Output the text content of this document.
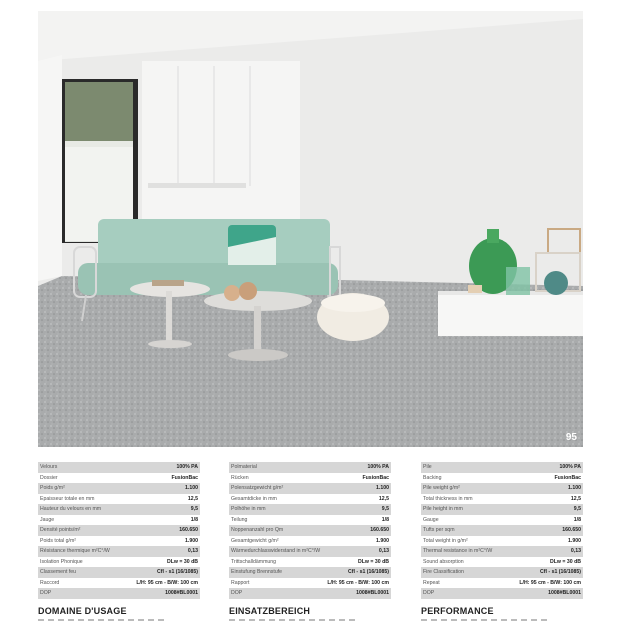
95
Velours	100% PA
Dossier	FusionBac
Poids g/m²	1.100
Epaisseur totale en mm	12,5
Hauteur du velours en mm	9,5
Jauge	1/8
Densité points/m²	160.650
Poids total g/m²	1.900
Résistance thermique m²C°/W	0,13
Isolation Phonique	DLw = 30 dB
Classement feu	CfI - s1 (16/1085)
Raccord	L/H: 95 cm - B/W: 100 cm
DOP	1008#BL0001
Polmaterial	100% PA
Rücken	FusionBac
Polensatzgewicht g/m²	1.100
Gesamtdicke in mm	12,5
Polhöhe in mm	9,5
Teilung	1/8
Noppenanzahl pro Qm	160.650
Gesamtgewicht g/m²	1.900
Wärmedurchlasswiderstand in m²C°/W	0,13
Trittschalldämmung	DLw = 30 dB
Einstufung Brennstufe	CfI - s1 (16/1085)
Rapport	L/H: 95 cm - B/W: 100 cm
DOP	1008#BL0001
Pile	100% PA
Backing	FusionBac
Pile weight g/m²	1.100
Total thickness in mm	12,5
Pile height in mm	9,5
Gauge	1/8
Tufts per sqm	160.650
Total weight in g/m²	1.900
Thermal resistance in m²C°/W	0,13
Sound absorption	DLw = 30 dB
Fire Classification	CfI - s1 (16/1085)
Repeat	L/H: 95 cm - B/W: 100 cm
DOP	1008#BL0001
DOMAINE D'USAGE	EINSATZBEREICH	PERFORMANCE
